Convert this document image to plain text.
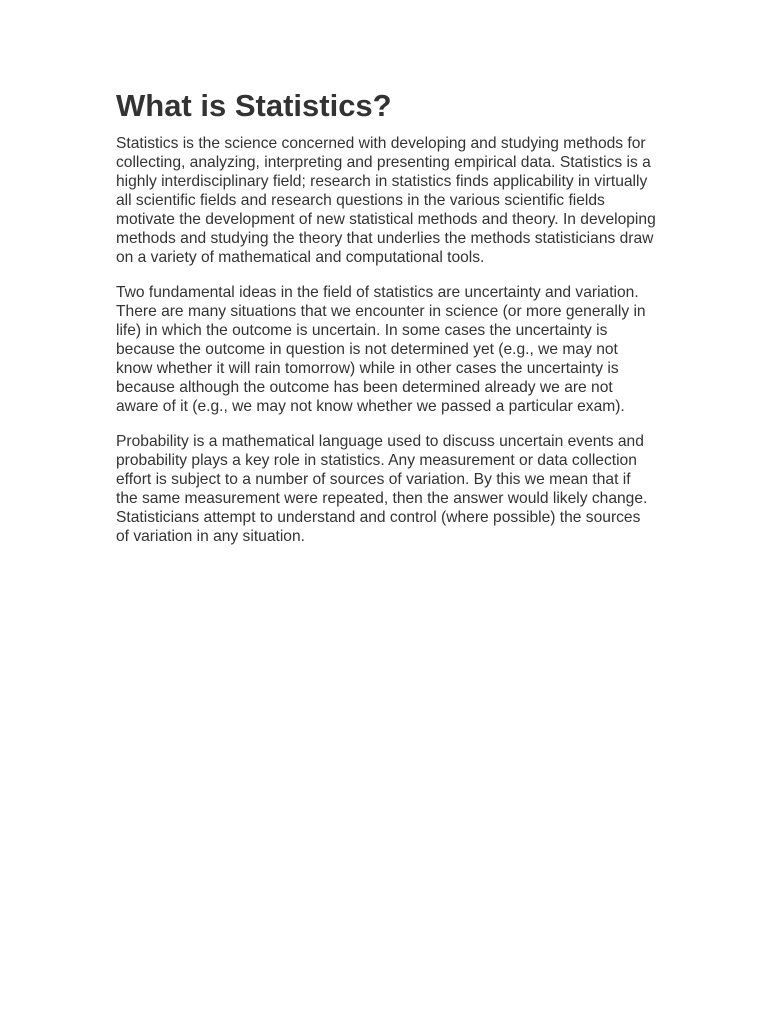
What is Statistics?

Statistics is the science concerned with developing and studying methods for collecting, analyzing, interpreting and presenting empirical data. Statistics is a highly interdisciplinary field; research in statistics finds applicability in virtually all scientific fields and research questions in the various scientific fields motivate the development of new statistical methods and theory. In developing methods and studying the theory that underlies the methods statisticians draw on a variety of mathematical and computational tools.

Two fundamental ideas in the field of statistics are uncertainty and variation. There are many situations that we encounter in science (or more generally in life) in which the outcome is uncertain. In some cases the uncertainty is because the outcome in question is not determined yet (e.g., we may not know whether it will rain tomorrow) while in other cases the uncertainty is because although the outcome has been determined already we are not aware of it (e.g., we may not know whether we passed a particular exam).

Probability is a mathematical language used to discuss uncertain events and probability plays a key role in statistics. Any measurement or data collection effort is subject to a number of sources of variation. By this we mean that if the same measurement were repeated, then the answer would likely change. Statisticians attempt to understand and control (where possible) the sources of variation in any situation.
